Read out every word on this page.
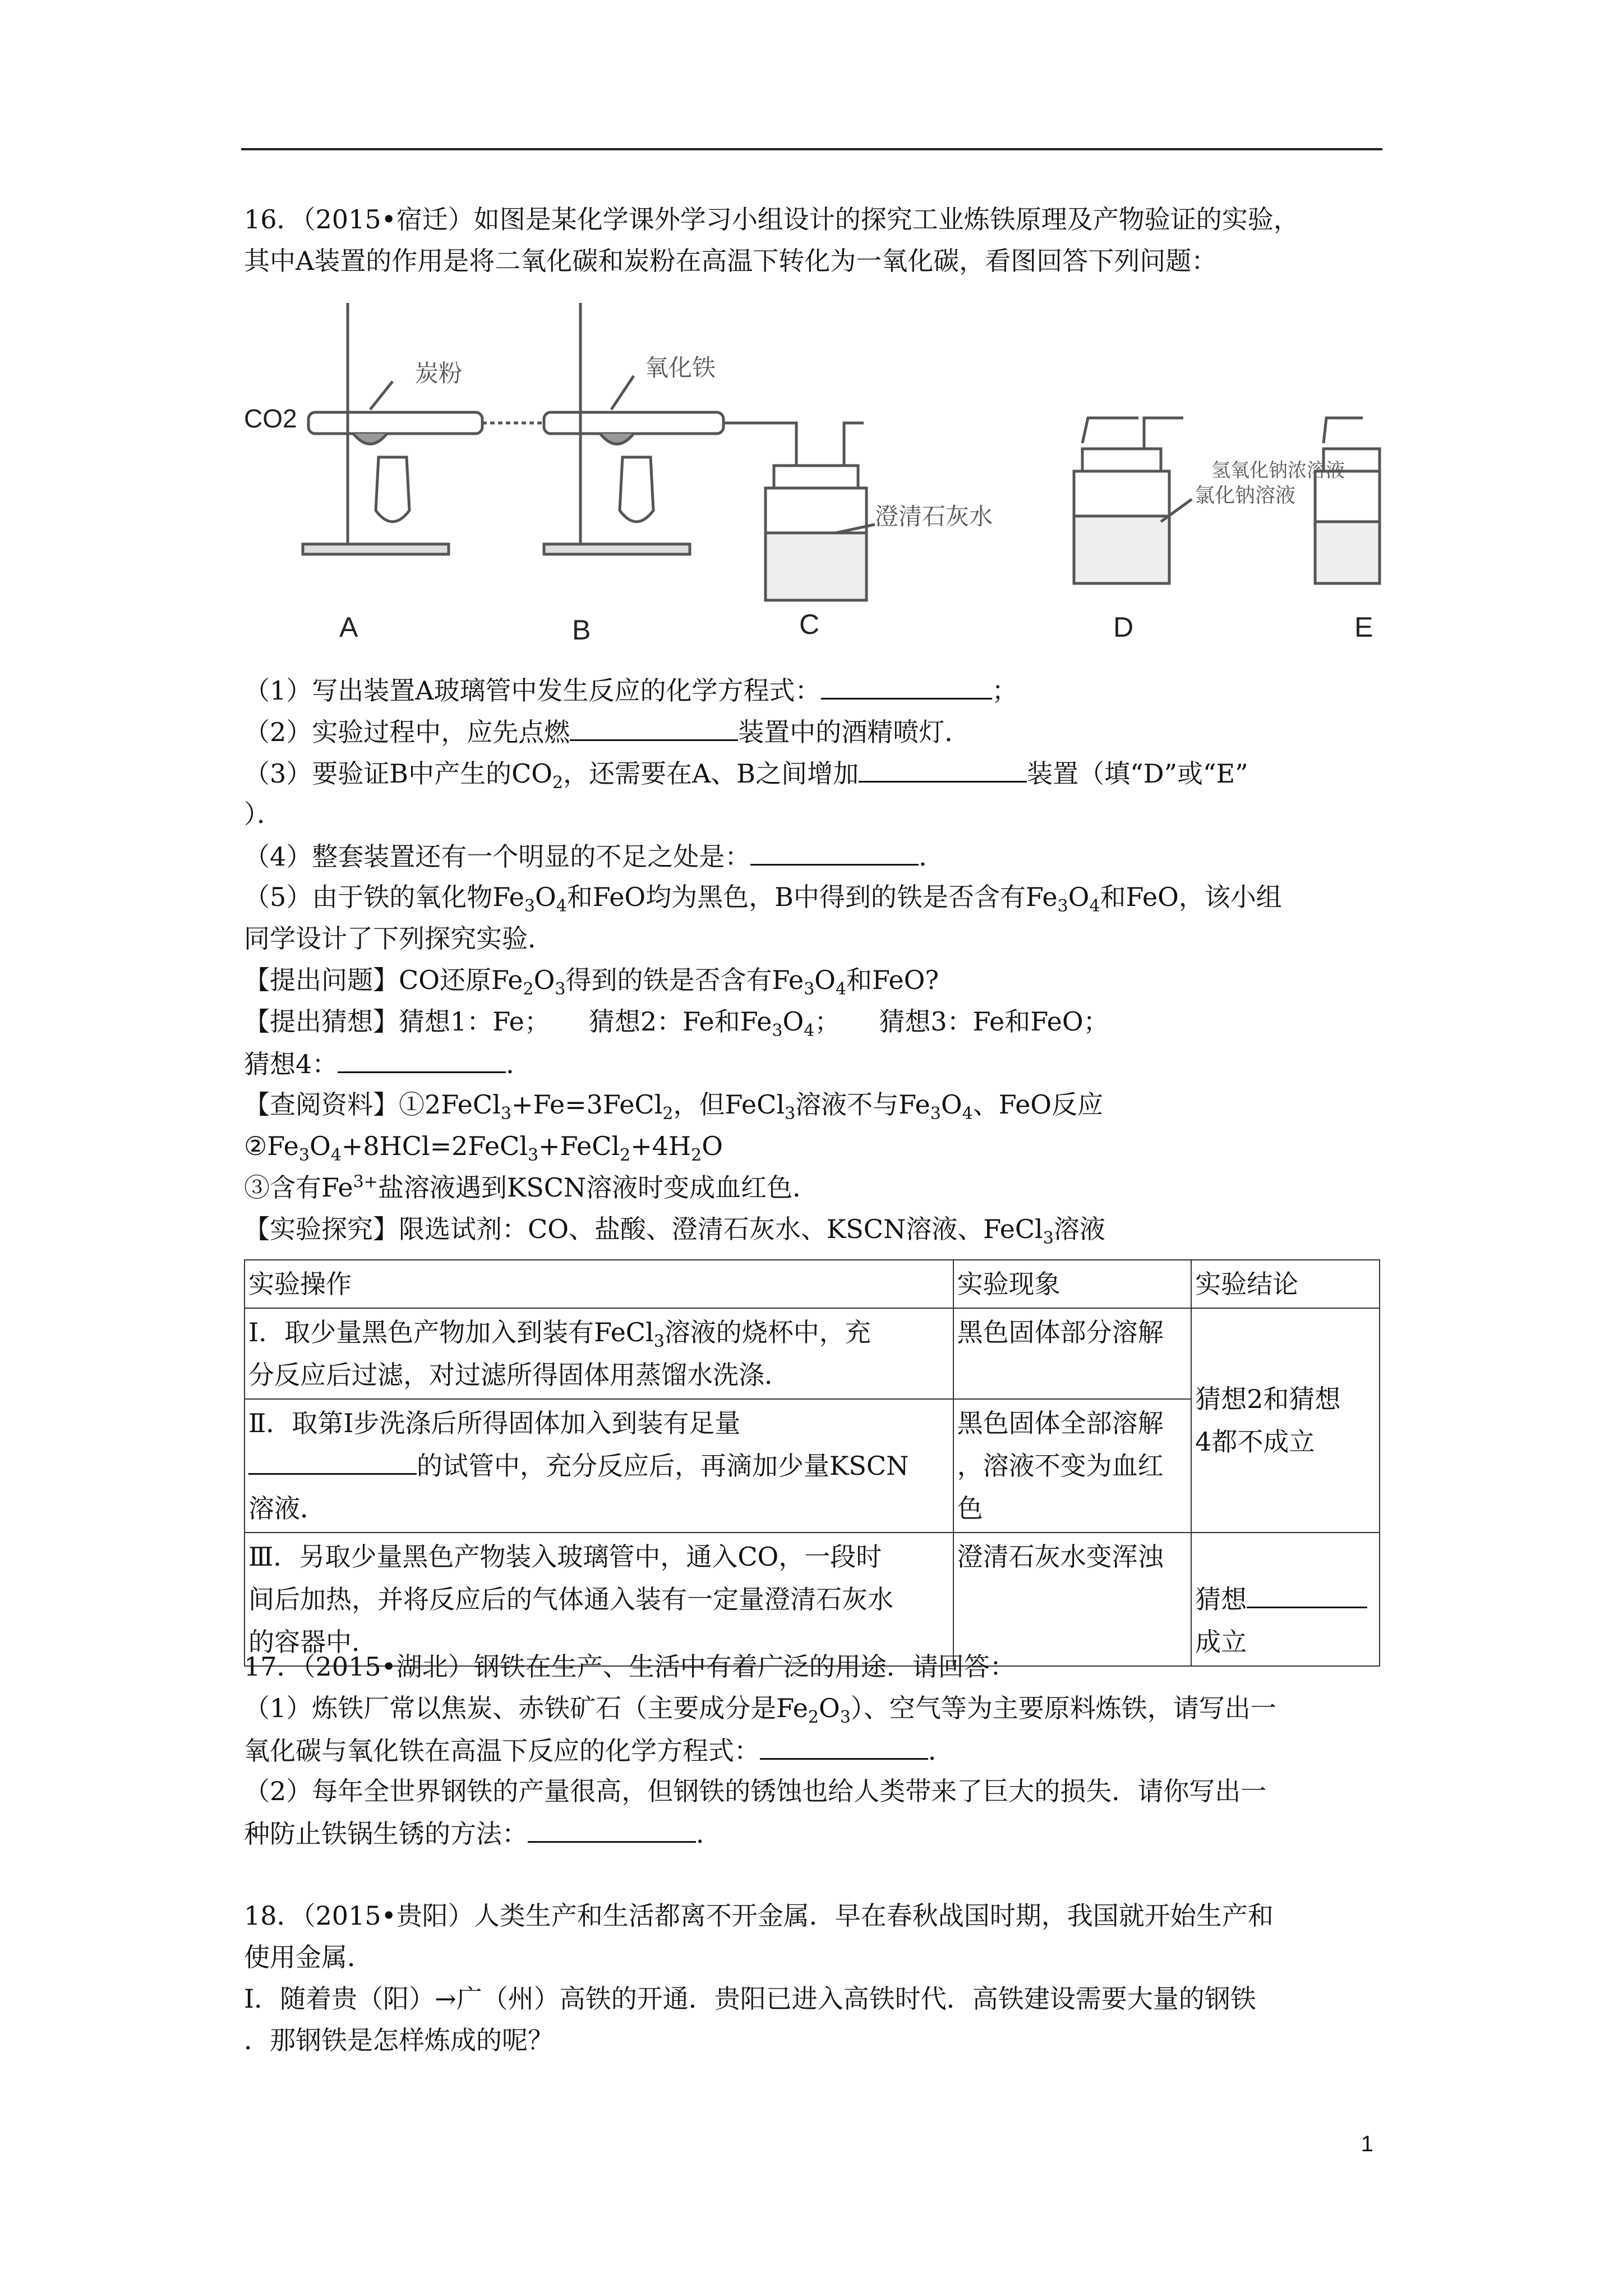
16．（2015•宿迁）如图是某化学课外学习小组设计的探究工业炼铁原理及产物验证的实验，
其中A装置的作用是将二氧化碳和炭粉在高温下转化为一氧化碳，看图回答下列问题：
CO2
炭粉	氧化铁
澄清石灰水
氯化钠溶液
氢氧化钠浓溶液
A	B	C	D	E
（1）写出装置A玻璃管中发生反应的化学方程式：	；
（2）实验过程中，应先点燃	装置中的酒精喷灯．
（3）要验证B中产生的$CO_2$，还需要在A、B之间增加	装置（填“D”或“E”
）．
（4）整套装置还有一个明显的不足之处是：	．
（5）由于铁的氧化物$Fe_3O_4$和FeO均为黑色，B中得到的铁是否含有$Fe_3O_4$和FeO，该小组
同学设计了下列探究实验．
【提出问题】CO还原$Fe_2O_3$得到的铁是否含有$Fe_3O_4$和FeO?
【提出猜想】猜想1：Fe；　　猜想2：Fe和$Fe_3O_4$；　　猜想3：Fe和FeO；
猜想4：	．
【查阅资料】①2FeCl$_3$+Fe=3FeCl$_2$，但FeCl$_3$溶液不与$Fe_3O_4$、FeO反应
$②Fe_3O_4+8HCl=2FeCl_3+FeCl_2+4H_2O$
③含有$Fe^{3+}$盐溶液遇到KSCN溶液时变成血红色．
【实验探究】限选试剂：CO、盐酸、澄清石灰水、KSCN溶液、FeCl$_3$溶液
实验操作	实验现象	实验结论
Ⅰ．取少量黑色产物加入到装有FeCl$_3$溶液的烧杯中，充
分反应后过滤，对过滤所得固体用蒸馏水洗涤．	黑色固体部分溶解	猜想2和猜想
4都不成立
Ⅱ．取第Ⅰ步洗涤后所得固体加入到装有足量
的试管中，充分反应后，再滴加少量KSCN
溶液．	黑色固体全部溶解
，溶液不变为血红
色	
Ⅲ．另取少量黑色产物装入玻璃管中，通入CO，一段时
间后加热，并将反应后的气体通入装有一定量澄清石灰水
的容器中．	澄清石灰水变浑浊	猜想
成立
17．（2015•湖北）钢铁在生产、生活中有着广泛的用途．请回答：
（1）炼铁厂常以焦炭、赤铁矿石（主要成分是$Fe_2O_3$）、空气等为主要原料炼铁，请写出一
氧化碳与氧化铁在高温下反应的化学方程式：	．
（2）每年全世界钢铁的产量很高，但钢铁的锈蚀也给人类带来了巨大的损失．请你写出一
种防止铁锅生锈的方法：	．
18．（2015•贵阳）人类生产和生活都离不开金属．早在春秋战国时期，我国就开始生产和
使用金属．
Ⅰ．随着贵（阳）→广（州）高铁的开通．贵阳已进入高铁时代．高铁建设需要大量的钢铁
．那钢铁是怎样炼成的呢？
1
